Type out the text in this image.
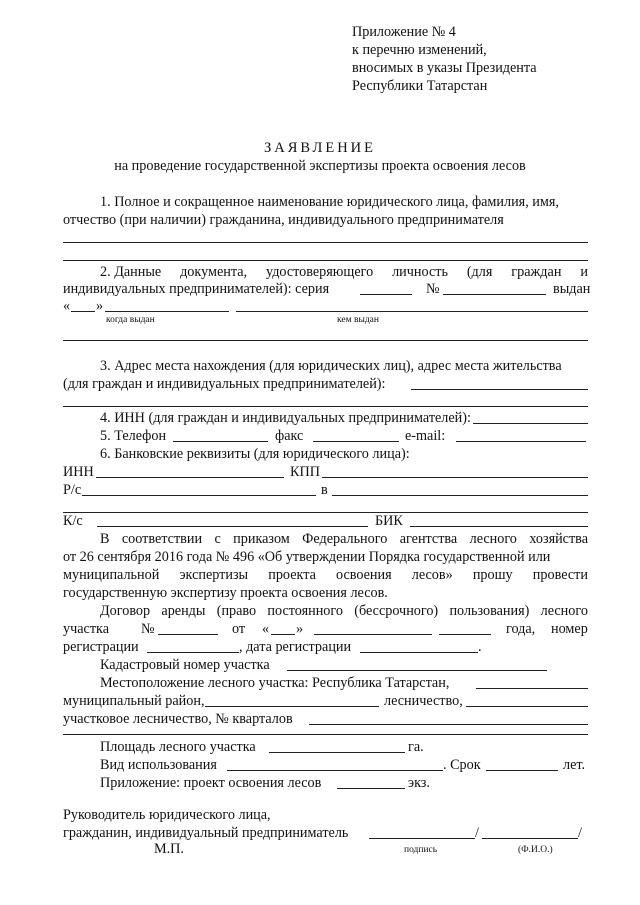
Приложение № 4
к перечню изменений,
вносимых в указы Президента
Республики Татарстан
ЗАЯВЛЕНИЕ
на проведение государственной экспертизы проекта освоения лесов
1. Полное и сокращенное наименование юридического лица, фамилия, имя,
отчество (при наличии) гражданина, индивидуального предпринимателя
2. Данные документа, удостоверяющего личность (для граждан и
индивидуальных предпринимателей): серия	№	выдан
« »
когда выдан	кем выдан
3. Адрес места нахождения (для юридических лиц), адрес места жительства
(для граждан и индивидуальных предпринимателей):
4. ИНН (для граждан и индивидуальных предпринимателей):
5. Телефон	факс	e-mail:
6. Банковские реквизиты (для юридического лица):
ИНН	КПП
Р/с	в
К/с	БИК
В соответствии с приказом Федерального агентства лесного хозяйства
от 26 сентября 2016 года № 496 «Об утверждении Порядка государственной или
муниципальной экспертизы проекта освоения лесов» прошу провести
государственную экспертизу проекта освоения лесов.
Договор аренды (право постоянного (бессрочного) пользования) лесного
участка №	от « »	года, номер
регистрации	, дата регистрации	.
Кадастровый номер участка
Местоположение лесного участка: Республика Татарстан,
муниципальный район,	лесничество,
участковое лесничество, № кварталов
Площадь лесного участка	га.
Вид использования	. Срок	лет.
Приложение: проект освоения лесов	экз.
Руководитель юридического лица,
гражданин, индивидуальный предприниматель	/	/
М.П.	подпись	(Ф.И.О.)
